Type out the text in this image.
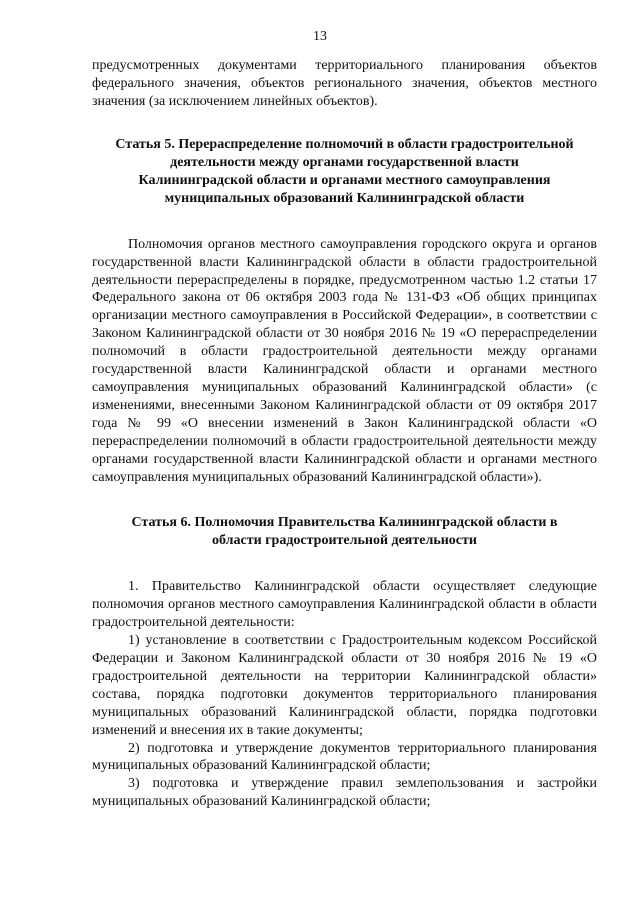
13

предусмотренных документами территориального планирования объектов федерального значения, объектов регионального значения, объектов местного значения (за исключением линейных объектов).

Статья 5. Перераспределение полномочий в области градостроительной деятельности между органами государственной власти Калининградской области и органами местного самоуправления муниципальных образований Калининградской области

Полномочия органов местного самоуправления городского округа и органов государственной власти Калининградской области в области градостроительной деятельности перераспределены в порядке, предусмотренном частью 1.2 статьи 17 Федерального закона от 06 октября 2003 года № 131-ФЗ «Об общих принципах организации местного самоуправления в Российской Федерации», в соответствии с Законом Калининградской области от 30 ноября 2016 № 19 «О перераспределении полномочий в области градостроительной деятельности между органами государственной власти Калининградской области и органами местного самоуправления муниципальных образований Калининградской области» (с изменениями, внесенными Законом Калининградской области от 09 октября 2017 года № 99 «О внесении изменений в Закон Калининградской области «О перераспределении полномочий в области градостроительной деятельности между органами государственной власти Калининградской области и органами местного самоуправления муниципальных образований Калининградской области»).

Статья 6. Полномочия Правительства Калининградской области в области градостроительной деятельности

1. Правительство Калининградской области осуществляет следующие полномочия органов местного самоуправления Калининградской области в области градостроительной деятельности:

1) установление в соответствии с Градостроительным кодексом Российской Федерации и Законом Калининградской области от 30 ноября 2016 № 19 «О градостроительной деятельности на территории Калининградской области» состава, порядка подготовки документов территориального планирования муниципальных образований Калининградской области, порядка подготовки изменений и внесения их в такие документы;

2) подготовка и утверждение документов территориального планирования муниципальных образований Калининградской области;

3) подготовка и утверждение правил землепользования и застройки муниципальных образований Калининградской области;
